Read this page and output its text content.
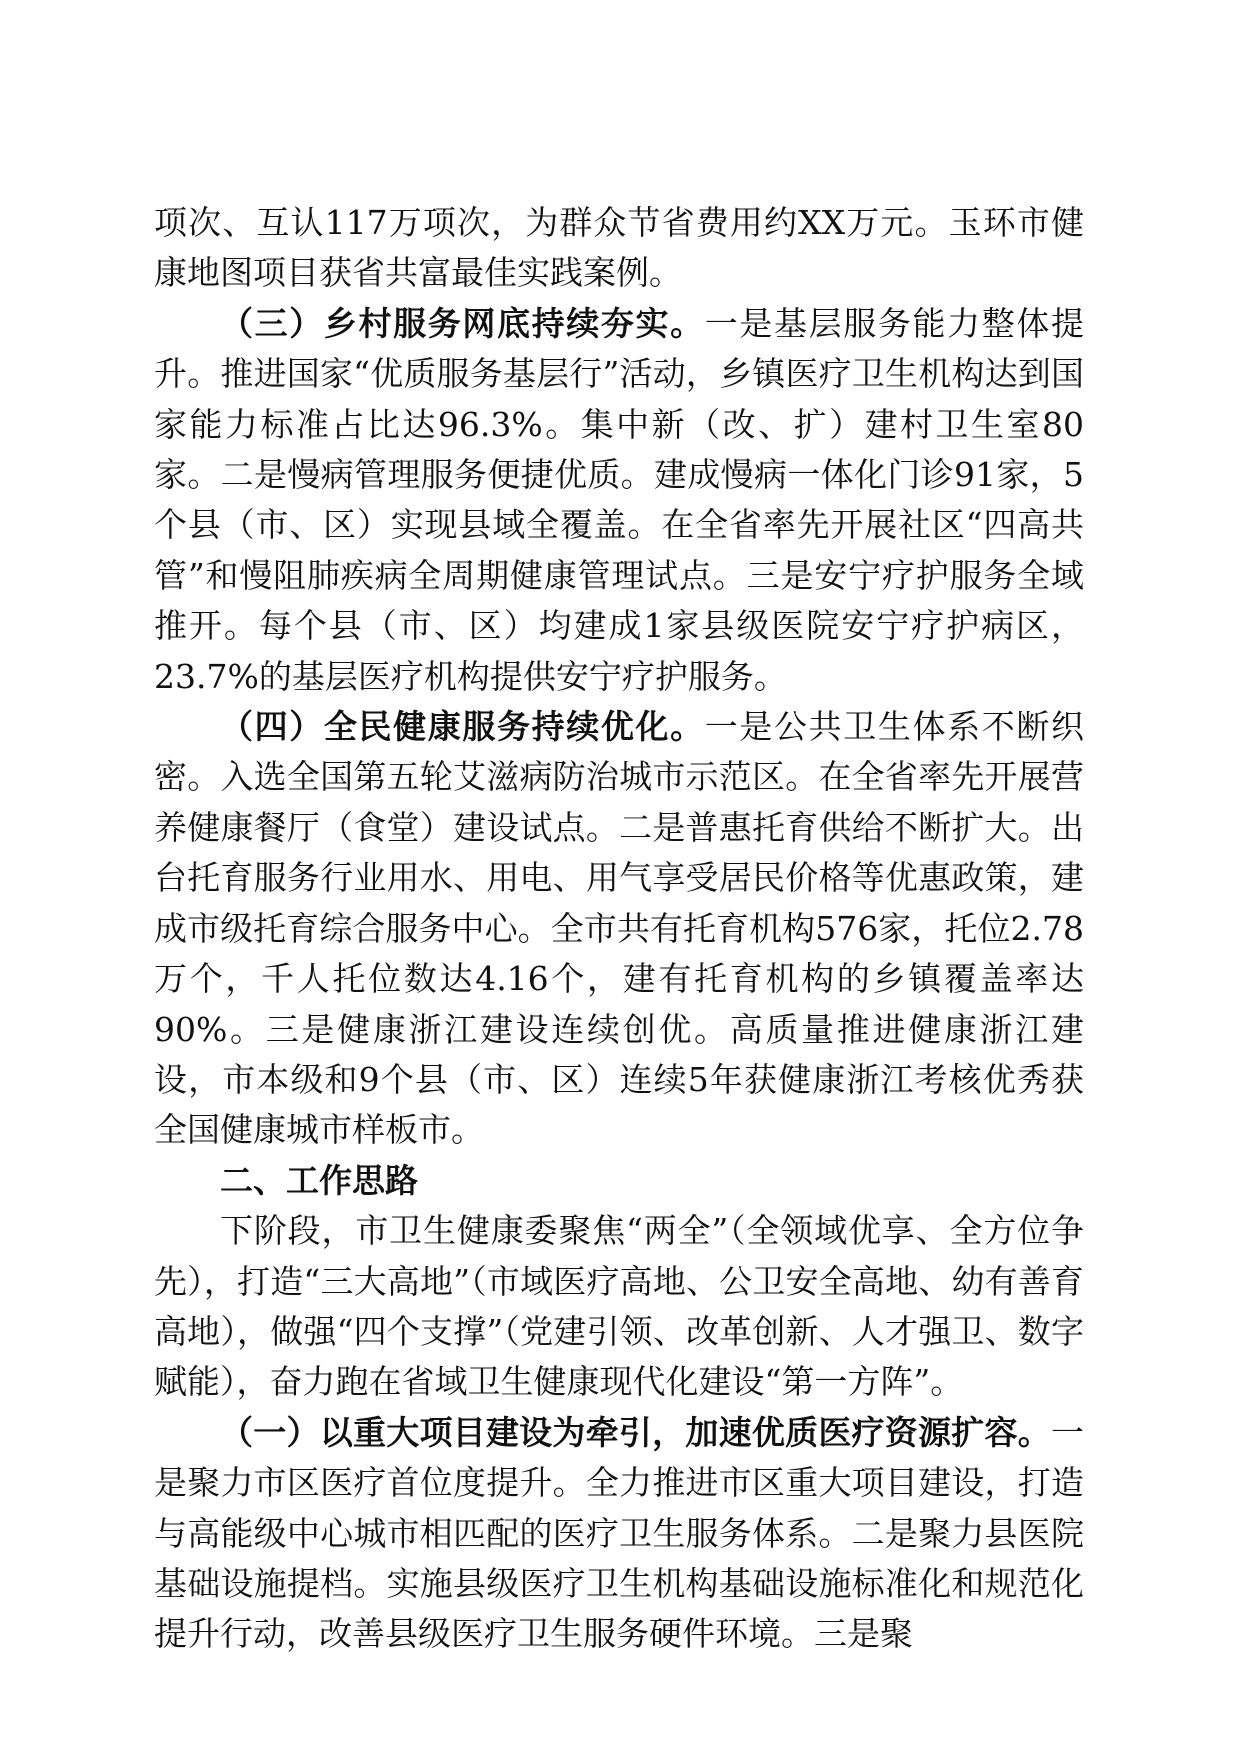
项次、互认117万项次，为群众节省费用约XX万元。玉环市健康地图项目获省共富最佳实践案例。

（三）乡村服务网底持续夯实。一是基层服务能力整体提升。推进国家“优质服务基层行”活动，乡镇医疗卫生机构达到国家能力标准占比达96.3%。集中新（改、扩）建村卫生室80家。二是慢病管理服务便捷优质。建成慢病一体化门诊91家，5个县（市、区）实现县域全覆盖。在全省率先开展社区“四高共管”和慢阻肺疾病全周期健康管理试点。三是安宁疗护服务全域推开。每个县（市、区）均建成1家县级医院安宁疗护病区，23.7%的基层医疗机构提供安宁疗护服务。

（四）全民健康服务持续优化。一是公共卫生体系不断织密。入选全国第五轮艾滋病防治城市示范区。在全省率先开展营养健康餐厅（食堂）建设试点。二是普惠托育供给不断扩大。出台托育服务行业用水、用电、用气享受居民价格等优惠政策，建成市级托育综合服务中心。全市共有托育机构576家，托位2.78万个，千人托位数达4.16个，建有托育机构的乡镇覆盖率达90%。三是健康浙江建设连续创优。高质量推进健康浙江建设，市本级和9个县（市、区）连续5年获健康浙江考核优秀获全国健康城市样板市。

二、工作思路

下阶段，市卫生健康委聚焦“两全”（全领域优享、全方位争先），打造“三大高地”（市域医疗高地、公卫安全高地、幼有善育高地），做强“四个支撑”（党建引领、改革创新、人才强卫、数字赋能），奋力跑在省域卫生健康现代化建设“第一方阵”。

（一）以重大项目建设为牵引，加速优质医疗资源扩容。一是聚力市区医疗首位度提升。全力推进市区重大项目建设，打造与高能级中心城市相匹配的医疗卫生服务体系。二是聚力县医院基础设施提档。实施县级医疗卫生机构基础设施标准化和规范化提升行动，改善县级医疗卫生服务硬件环境。三是聚
